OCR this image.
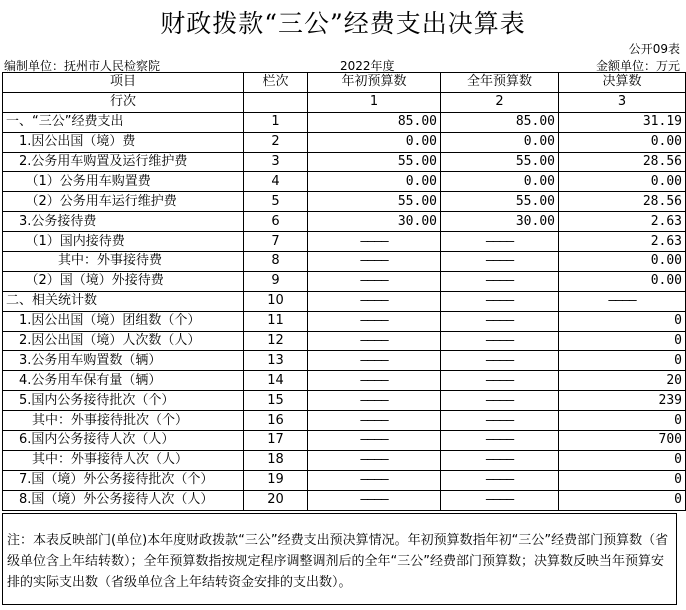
财政拨款“三公”经费支出决算表
公开09表
编制单位：抚州市人民检察院	2022年度	金额单位：万元
项目	栏次	年初预算数	全年预算数	决算数
行次		1	2	3
一、“三公”经费支出	1	85.00	85.00	31.19
　1.因公出国（境）费	2	0.00	0.00	0.00
　2.公务用车购置及运行维护费	3	55.00	55.00	28.56
　　（1）公务用车购置费	4	0.00	0.00	0.00
　　（2）公务用车运行维护费	5	55.00	55.00	28.56
　3.公务接待费	6	30.00	30.00	2.63
　　（1）国内接待费	7	————	————	2.63
　　　　其中：外事接待费	8	————	————	0.00
　　（2）国（境）外接待费	9	————	————	0.00
二、相关统计数	10	————	————	————
　1.因公出国（境）团组数（个）	11	————	————	0
　2.因公出国（境）人次数（人）	12	————	————	0
　3.公务用车购置数（辆）	13	————	————	0
　4.公务用车保有量（辆）	14	————	————	20
　5.国内公务接待批次（个）	15	————	————	239
　　其中：外事接待批次（个）	16	————	————	0
　6.国内公务接待人次（人）	17	————	————	700
　　其中：外事接待人次（人）	18	————	————	0
　7.国（境）外公务接待批次（个）	19	————	————	0
　8.国（境）外公务接待人次（人）	20	————	————	0
注：本表反映部门(单位)本年度财政拨款“三公”经费支出预决算情况。年初预算数指年初“三公”经费部门预算数（省级单位含上年结转数）；全年预算数指按规定程序调整调剂后的全年“三公”经费部门预算数；决算数反映当年预算安排的实际支出数（省级单位含上年结转资金安排的支出数）。
